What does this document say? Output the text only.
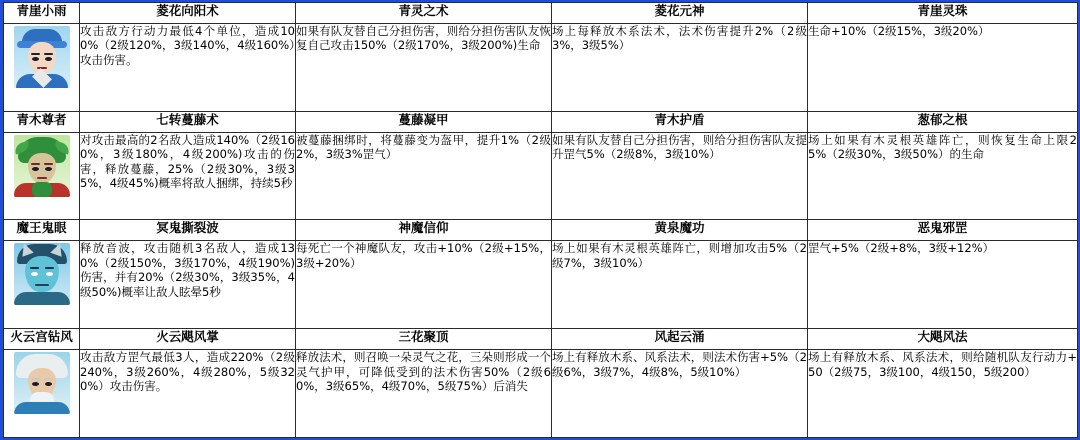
青崖小雨	菱花向阳术	青灵之术	菱花元神	青崖灵珠

	攻击敌方行动力最低4个单位，造成100%（2级120%，3级140%，4级160%）攻击伤害。	如果有队友替自己分担伤害，则给分担伤害队友恢复自己攻击150%（2级170%，3级200%)生命	场上每释放木系法术，法术伤害提升2%（2级3%，3级5%）	生命+10%（2级15%，3级20%）
青木尊者	七转蔓藤术	蔓藤凝甲	青木护盾	葱郁之根

	对攻击最高的2名敌人造成140%（2级160%，3级180%，4级200%)攻击的伤害，释放蔓藤，25%（2级30%，3级35%，4级45%)概率将敌人捆绑，持续5秒	被蔓藤捆绑时，将蔓藤变为盔甲，提升1%（2级2%，3级3%罡气）	如果有队友替自己分担伤害，则给分担伤害队友提升罡气5%（2级8%，3级10%）	场上如果有木灵根英雄阵亡，则恢复生命上限25%（2级30%，3级50%）的生命
魔王鬼眼	冥鬼撕裂波	神魔信仰	黄泉魔功	恶鬼邪罡

	释放音波，攻击随机3名敌人，造成130%（2级150%，3级170%，4级190%)伤害，并有20%（2级30%，3级35%，4级50%)概率让敌人眩晕5秒	每死亡一个神魔队友，攻击+10%（2级+15%，3级+20%）	场上如果有木灵根英雄阵亡，则增加攻击5%（2级7%，3级10%）	罡气+5%（2级+8%，3级+12%）
火云宫钻风	火云飓风掌	三花聚顶	风起云涌	大飓风法

	攻击敌方罡气最低3人，造成220%（2级240%，3级260%，4级280%，5级320%）攻击伤害。	释放法术，则召唤一朵灵气之花，三朵则形成一个灵气护甲，可降低受到的法术伤害50%（2级60%，3级65%，4级70%，5级75%）后消失	场上有释放木系、风系法术，则法术伤害+5%（2级6%，3级7%，4级8%，5级10%）	场上有释放木系、风系法术，则给随机队友行动力+50（2级75，3级100，4级150，5级200）
